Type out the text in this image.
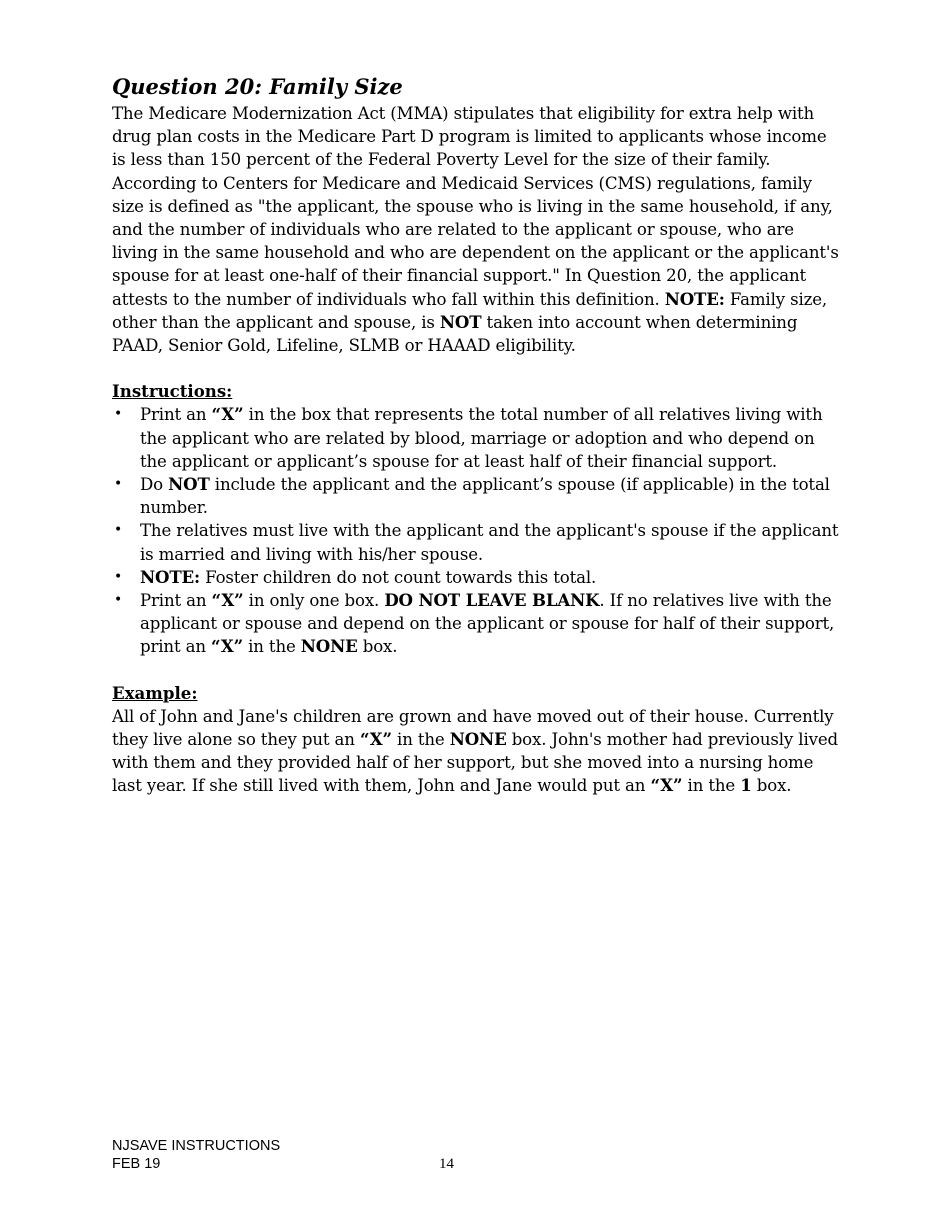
Question 20: Family Size

The Medicare Modernization Act (MMA) stipulates that eligibility for extra help with drug plan costs in the Medicare Part D program is limited to applicants whose income is less than 150 percent of the Federal Poverty Level for the size of their family. According to Centers for Medicare and Medicaid Services (CMS) regulations, family size is defined as "the applicant, the spouse who is living in the same household, if any, and the number of individuals who are related to the applicant or spouse, who are living in the same household and who are dependent on the applicant or the applicant's spouse for at least one-half of their financial support." In Question 20, the applicant attests to the number of individuals who fall within this definition. NOTE: Family size, other than the applicant and spouse, is NOT taken into account when determining PAAD, Senior Gold, Lifeline, SLMB or HAAAD eligibility.

Instructions:

• Print an “X” in the box that represents the total number of all relatives living with the applicant who are related by blood, marriage or adoption and who depend on the applicant or applicant’s spouse for at least half of their financial support.
• Do NOT include the applicant and the applicant’s spouse (if applicable) in the total number.
• The relatives must live with the applicant and the applicant's spouse if the applicant is married and living with his/her spouse.
• NOTE: Foster children do not count towards this total.
• Print an “X” in only one box. DO NOT LEAVE BLANK. If no relatives live with the applicant or spouse and depend on the applicant or spouse for half of their support, print an “X” in the NONE box.

Example:

All of John and Jane's children are grown and have moved out of their house. Currently they live alone so they put an “X” in the NONE box. John's mother had previously lived with them and they provided half of her support, but she moved into a nursing home last year. If she still lived with them, John and Jane would put an “X” in the 1 box.

NJSAVE INSTRUCTIONS
FEB 19	14
